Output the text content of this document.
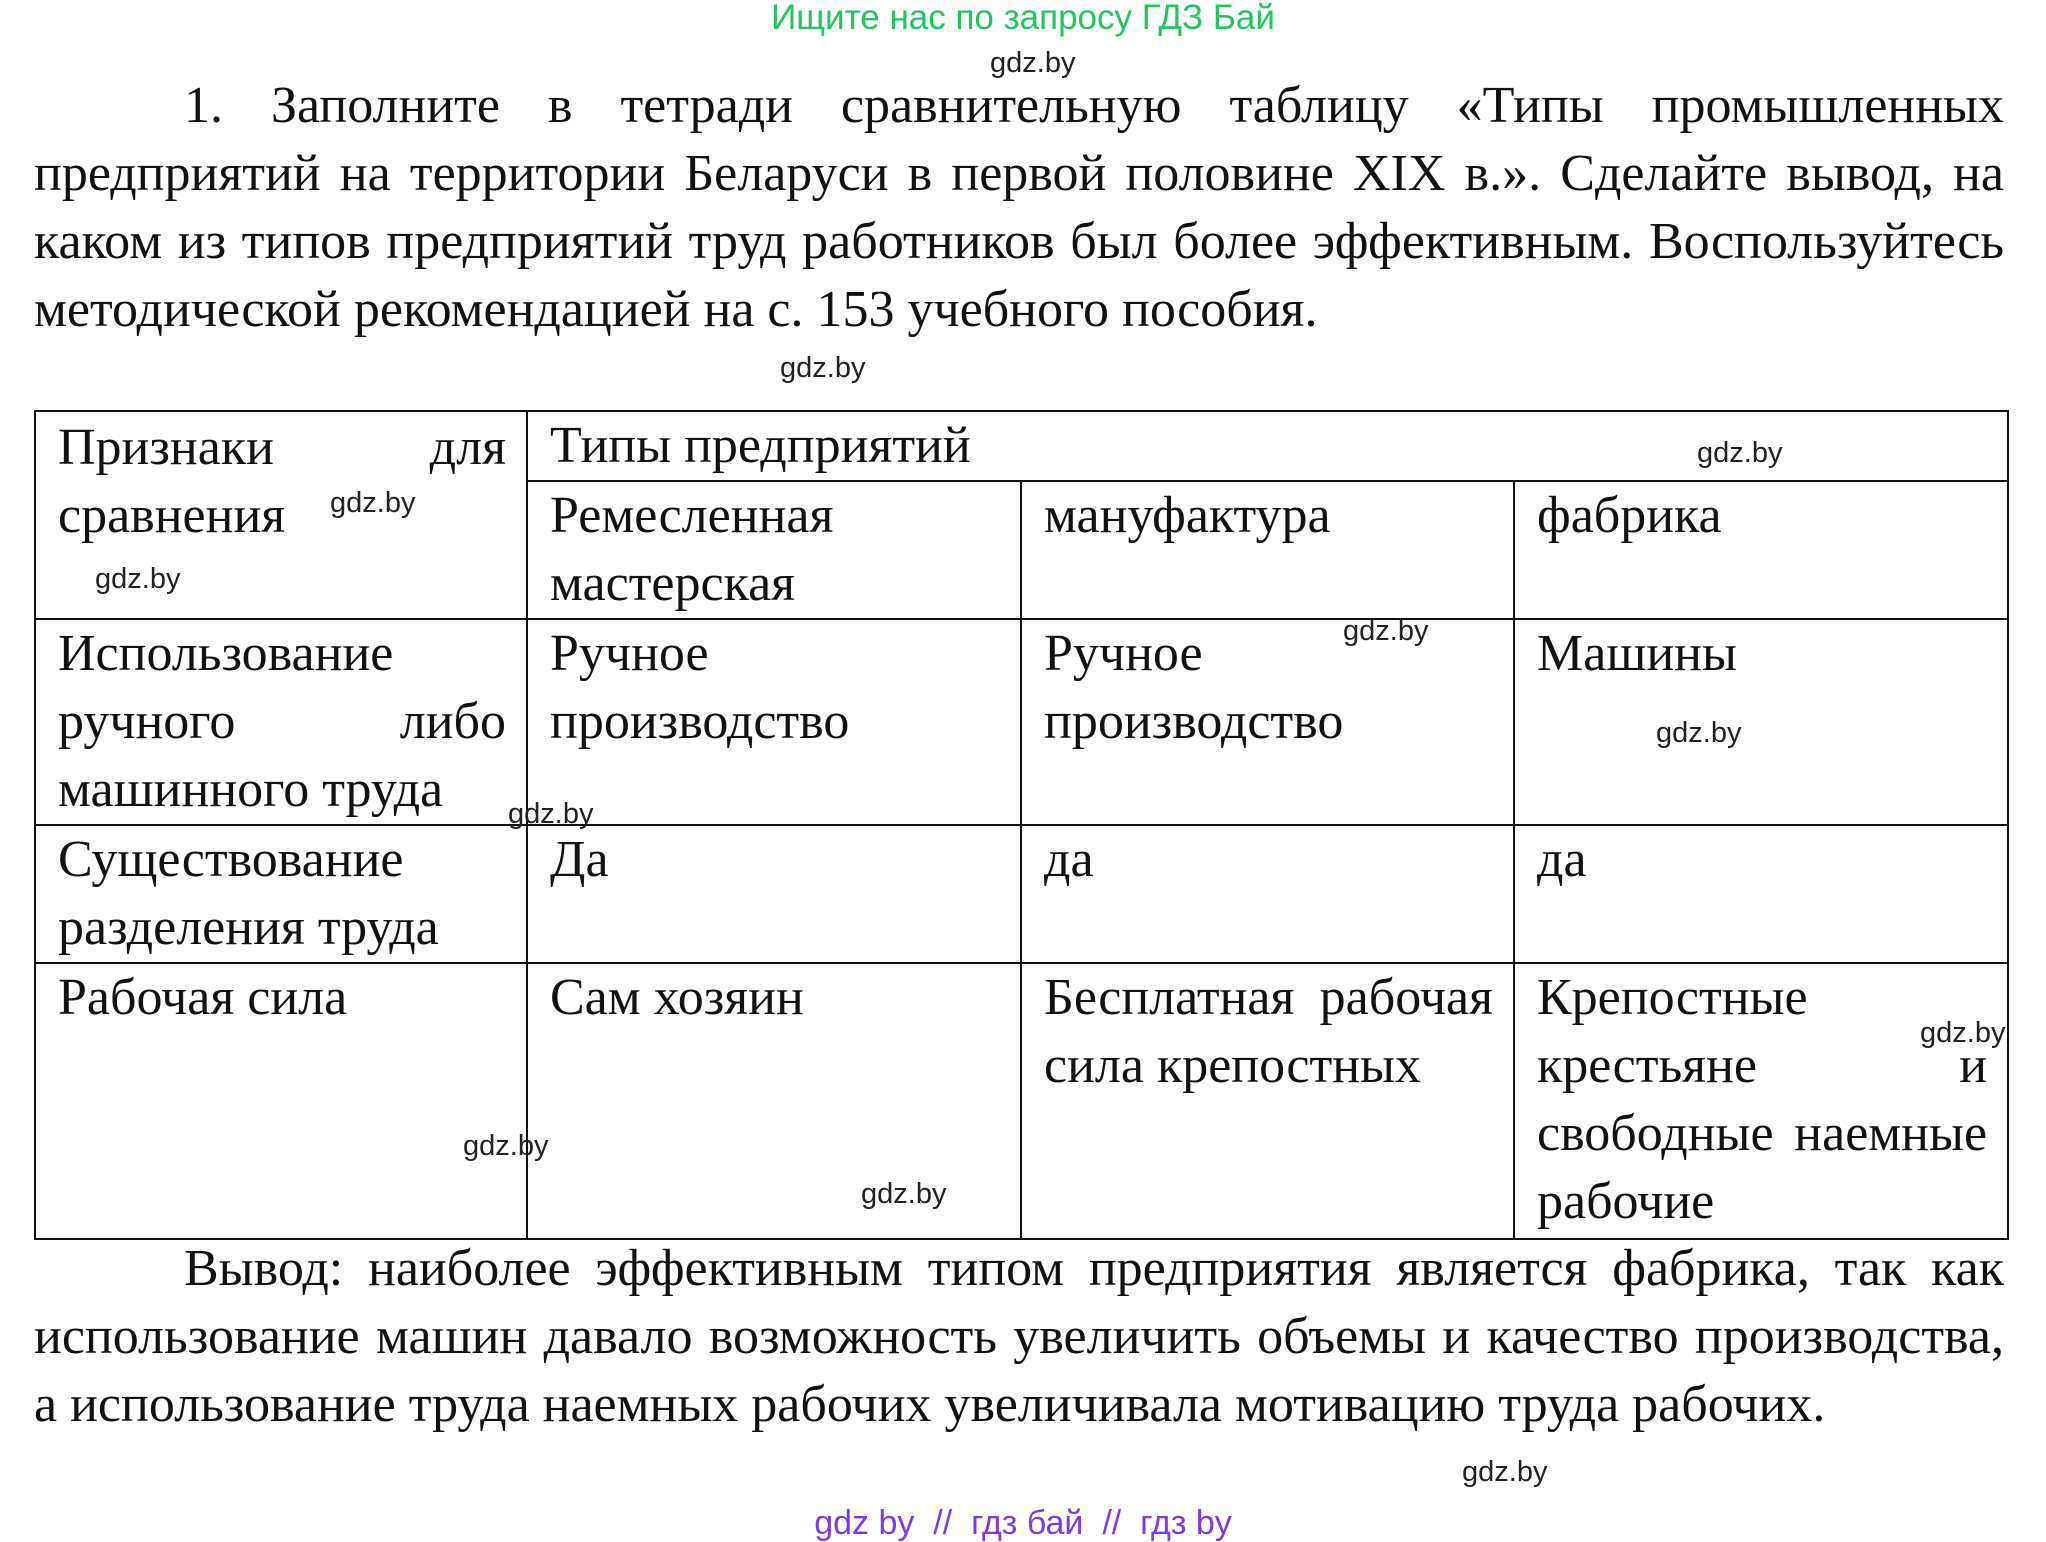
Ищите нас по запросу ГДЗ Бай

1. Заполните в тетради сравнительную таблицу «Типы промышленных предприятий на территории Беларуси в первой половине XIX в.». Сделайте вывод, на каком из типов предприятий труд работников был более эффективным. Воспользуйтесь методической рекомендацией на с. 153 учебного пособия.

Признаки для сравнения	Типы предприятий		
	Ремесленная мастерская	мануфактура	фабрика
Использование ручного либо машинного труда	Ручное производство	Ручное производство	Машины
Существование разделения труда	Да	да	да
Рабочая сила	Сам хозяин	Бесплатная рабочая сила крепостных	Крепостные крестьяне и свободные наемные рабочие

Вывод: наиболее эффективным типом предприятия является фабрика, так как использование машин давало возможность увеличить объемы и качество производства, а использование труда наемных рабочих увеличивала мотивацию труда рабочих.

gdz by  //  гдз бай  //  гдз by
gdz.by
gdz.by
gdz.by
gdz.by
gdz.by
gdz.by
gdz.by
gdz.by
gdz.by
gdz.by
gdz.by
gdz.by
